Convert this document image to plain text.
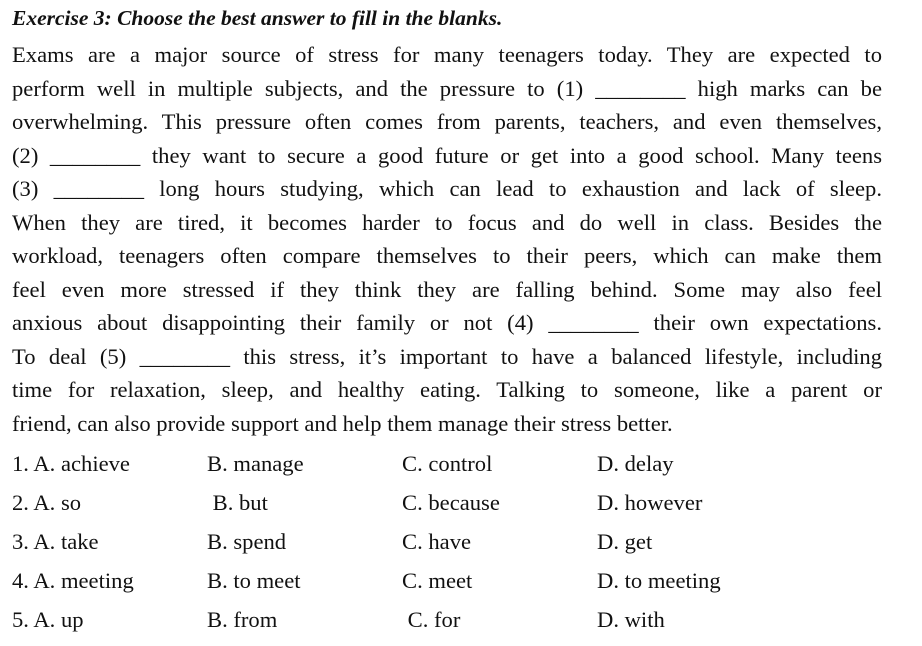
Exercise 3: Choose the best answer to fill in the blanks.
Exams are a major source of stress for many teenagers today. They are expected to
perform well in multiple subjects, and the pressure to (1) ________ high marks can be
overwhelming. This pressure often comes from parents, teachers, and even themselves,
(2) ________ they want to secure a good future or get into a good school. Many teens
(3) ________ long hours studying, which can lead to exhaustion and lack of sleep.
When they are tired, it becomes harder to focus and do well in class. Besides the
workload, teenagers often compare themselves to their peers, which can make them
feel even more stressed if they think they are falling behind. Some may also feel
anxious about disappointing their family or not (4) ________ their own expectations.
To deal (5) ________ this stress, it’s important to have a balanced lifestyle, including
time for relaxation, sleep, and healthy eating. Talking to someone, like a parent or
friend, can also provide support and help them manage their stress better.
1. A. achieve	B. manage	C. control	D. delay
2. A. so	B. but	C. because	D. however
3. A. take	B. spend	C. have	D. get
4. A. meeting	B. to meet	C. meet	D. to meeting
5. A. up	B. from	C. for	D. with
